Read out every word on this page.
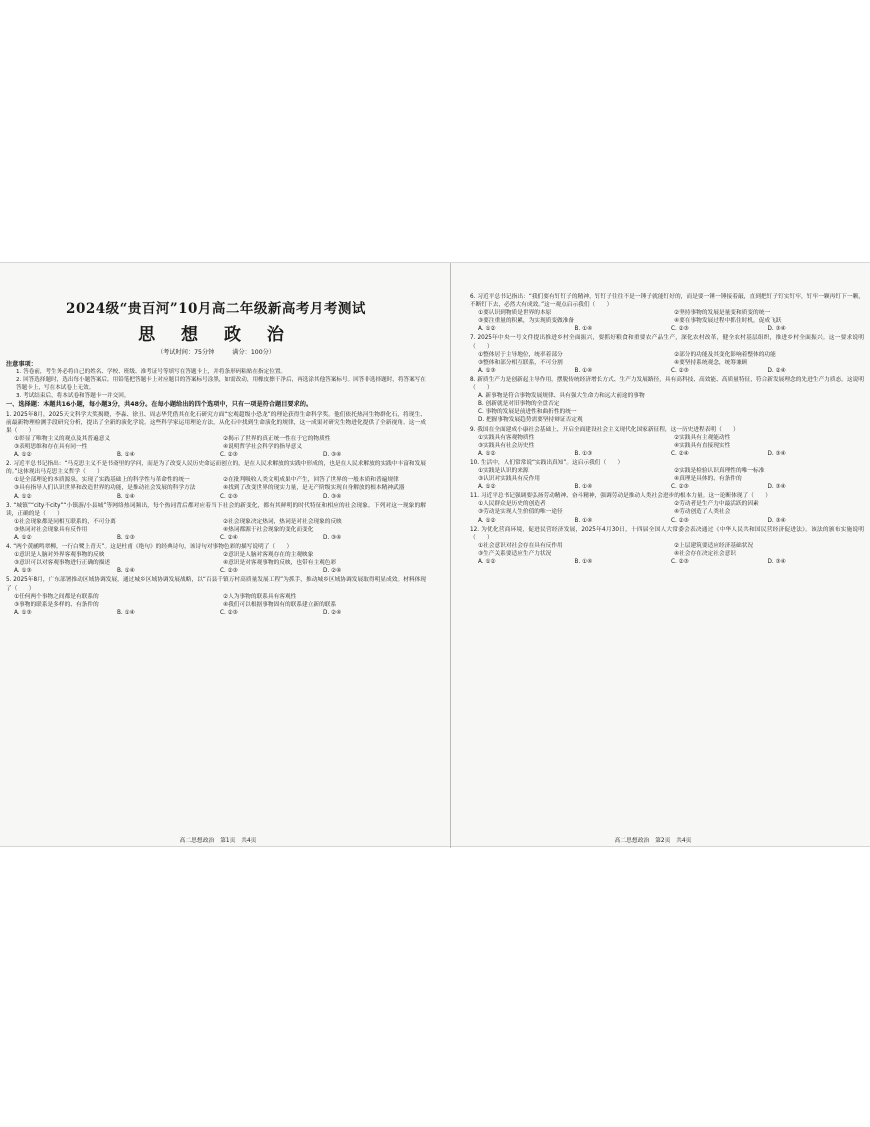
2024级“贵百河”10月高二年级新高考月考测试
思 想 政 治
（考试时间：75分钟	满分：100分）
注意事项：
1. 答卷前，考生务必将自己的姓名、学校、班级、准考证号等填写在答题卡上，并将条形码粘贴在指定位置。
2. 回答选择题时，选出每小题答案后，用铅笔把答题卡上对应题目的答案标号涂黑，如需改动，用橡皮擦干净后，再选涂其他答案标号。回答非选择题时，将答案写在答题卡上，写在本试卷上无效。
3. 考试结束后，将本试卷和答题卡一并交回。
一、选择题：本题共16小题，每小题3分，共48分。在每小题给出的四个选项中，只有一项是符合题目要求的。
1. 2025年8月，2025天文科学大奖揭晓，李淼、徐丑、周志华凭借其在化石研究方面“宏观超级小恐龙”的理论获得生命科学奖。他们依托热河生物群化石，将现生、前最新物理检测手段研究分析，提出了全新的演化学说。这些科学家运用理论方法，从化石中找到生命演化的规律，这一成果对研究生物进化提供了全新视角。这一成果（　　）
①彰显了唯物主义的观点及其普遍意义	②揭示了世界的真正统一性在于它的物质性
③表明思维和存在具有同一性	④说明哲学社会科学的指导意义
A. ①②	B. ①④	C. ②③	D. ③④
2. 习近平总书记指出：“马克思主义不是书斋里的学问，而是为了改变人民历史命运而创立的，是在人民求解放的实践中形成的，也是在人民求解放的实践中丰富和发展的。”这体现出马克思主义哲学（　　）
①是全部理论的本质源泉，实现了实践基础上的科学性与革命性的统一	②在批判吸收人类文明成果中产生，回答了世界的一般本质和普遍规律
③具有指导人们认识世界和改造世界的功能，是推动社会发展的科学方法	④找到了改变世界的现实力量，是无产阶级实现自身解放的根本精神武器
A. ①②	B. ①④	C. ②③	D. ③④
3. “城镇”“city不city”“小镇游/小县城”等网络热词频出，每个热词背后都对应着当下社会的新变化，都有其鲜明的时代特征和相应的社会现象。下列对这一现象的解读，正确的是（　　）
①社会现象都是同相互联系的，不可分离	②社会现象决定热词，热词是对社会现象的反映
③热词对社会现象具有反作用	④热词都源于社会现象的变化而变化
A. ①②	B. ①③	C. ②④	D. ③④
4. “两个黄鹂鸣翠柳，一行白鹭上青天”。这是杜甫《绝句》的经典诗句，该诗句对事物色彩的描写说明了（　　）
①意识是人脑对外界客观事物的反映	②意识是人脑对客观存在的主观映象
③意识可以对客观事物进行正确的描述	④意识是对客观事物的反映，也带有主观色彩
A. ①③	B. ①④	C. ②③	D. ②④
5. 2025年8月，广东部署推动区域协调发展，通过城乡区域协调发展战略，以“百县千镇万村高质量发展工程”为抓手，推动城乡区域协调发展取得明显成效。材料体现了（　　）
①任何两个事物之间都是有联系的	②人为事物的联系具有客观性
③事物的联系是多样的、有条件的	④我们可以根据事物固有的联系建立新的联系
A. ①③	B. ①④	C. ②③	D. ②④
高二思想政治　第1页　共4页
6. 习近平总书记指出：“我们要有钉钉子的精神，钉钉子往往不是一锤子就能钉好的，而是要一锤一锤接着敲，直到把钉子钉实钉牢，钉牢一颗再钉下一颗，不断钉下去，必然大有成效。”这一观点启示我们（　　）
①要认识到物质是世界的本原	②坚持事物的发展是量变和质变的统一
③要注重量的积累，为实现质变做准备	④要在事物发展过程中抓住时机，促成飞跃
A. ①②	B. ①④	C. ②③	D. ③④
7. 2025年中央一号文件提出推进乡村全面振兴，要抓好粮食和重要农产品生产，深化农村改革，健全农村基层组织，推进乡村全面振兴。这一要求说明（　　）
①整体居于主导地位，统率着部分	②部分的功能及其变化影响着整体的功能
③整体和部分相互联系，不可分割	④要坚持系统观念，统筹兼顾
A. ①③	B. ①④	C. ②③	D. ②④
8. 新质生产力是创新起主导作用，摆脱传统经济增长方式、生产力发展路径，具有高科技、高效能、高质量特征，符合新发展理念的先进生产力质态。这说明（　　）
A. 新事物是符合事物发展规律、具有强大生命力和远大前途的事物
B. 创新就是对旧事物的全盘否定
C. 事物的发展是前进性和曲折性的统一
D. 把握事物发展趋势需要坚持辩证否定观
9. 我国在全面建成小康社会基础上，开启全面建设社会主义现代化国家新征程，这一历史进程表明（　　）
①实践具有客观物质性	②实践具有主观能动性
③实践具有社会历史性	④实践具有直接现实性
A. ①②	B. ①③	C. ②④	D. ③④
10. 生活中，人们常常说“实践出真知”。这启示我们（　　）
①实践是认识的来源	②实践是检验认识真理性的唯一标准
③认识对实践具有反作用	④真理是具体的、有条件的
A. ①②	B. ①④	C. ②③	D. ③④
11. 习近平总书记强调要弘扬劳动精神、奋斗精神，强调劳动是推动人类社会进步的根本力量。这一论断体现了（　　）
①人民群众是历史的创造者	②劳动者是生产力中最活跃的因素
③劳动是实现人生价值的唯一途径	④劳动创造了人类社会
A. ①②	B. ①④	C. ②③	D. ③④
12. 为优化营商环境，促进民营经济发展，2025年4月30日，十四届全国人大常委会表决通过《中华人民共和国民营经济促进法》。该法的颁布实施说明（　　）
①社会意识对社会存在具有反作用	②上层建筑要适应经济基础状况
③生产关系要适应生产力状况	④社会存在决定社会意识
A. ①②	B. ①④	C. ②③	D. ③④
高二思想政治　第2页　共4页
